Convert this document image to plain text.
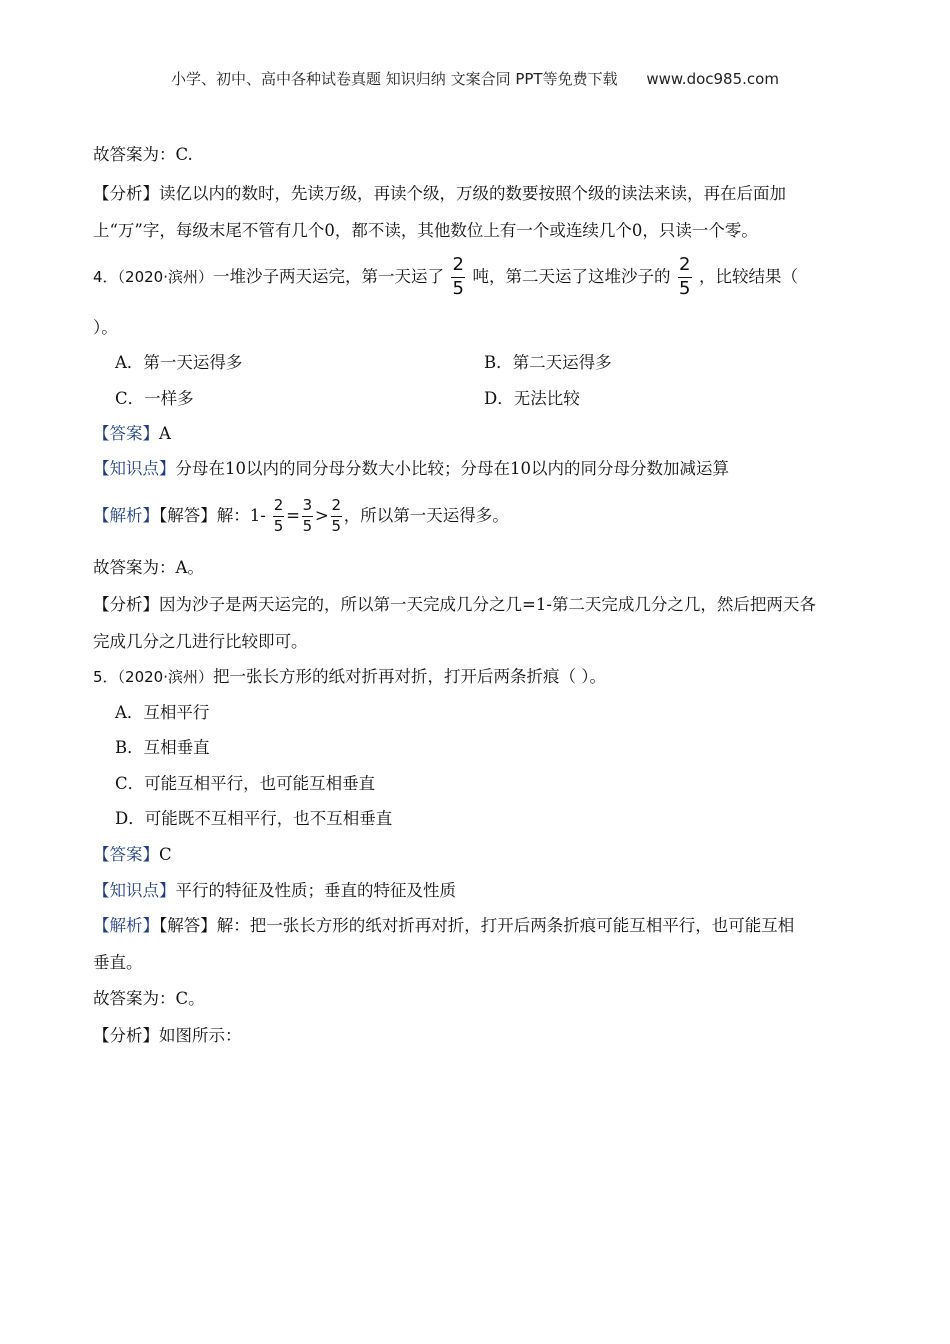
小学、初中、高中各种试卷真题 知识归纳 文案合同 PPT等免费下载 www.doc985.com
故答案为：C.
【分析】读亿以内的数时，先读万级，再读个级，万级的数要按照个级的读法来读，再在后面加
上“万”字，每级末尾不管有几个0，都不读，其他数位上有一个或连续几个0，只读一个零。
4．（2020·滨州）一堆沙子两天运完，第一天运了 $\frac{2}{5}$ 吨，第二天运了这堆沙子的 $\frac{2}{5}$ ，比较结果（
）。
A．第一天运得多	B．第二天运得多
C．一样多	D．无法比较
【答案】A
【知识点】分母在10以内的同分母分数大小比较；分母在10以内的同分母分数加减运算
【解析】【解答】解：$1- \frac{2}{5} = \frac{3}{5} > \frac{2}{5}$ ，所以第一天运得多。
故答案为：A。
【分析】因为沙子是两天运完的，所以第一天完成几分之几=1-第二天完成几分之几，然后把两天各
完成几分之几进行比较即可。
5．（2020·滨州）把一张长方形的纸对折再对折，打开后两条折痕（ ）。
A．互相平行
B．互相垂直
C．可能互相平行，也可能互相垂直
D．可能既不互相平行，也不互相垂直
【答案】C
【知识点】平行的特征及性质；垂直的特征及性质
【解析】【解答】解：把一张长方形的纸对折再对折，打开后两条折痕可能互相平行，也可能互相
垂直。
故答案为：C。
【分析】如图所示：
